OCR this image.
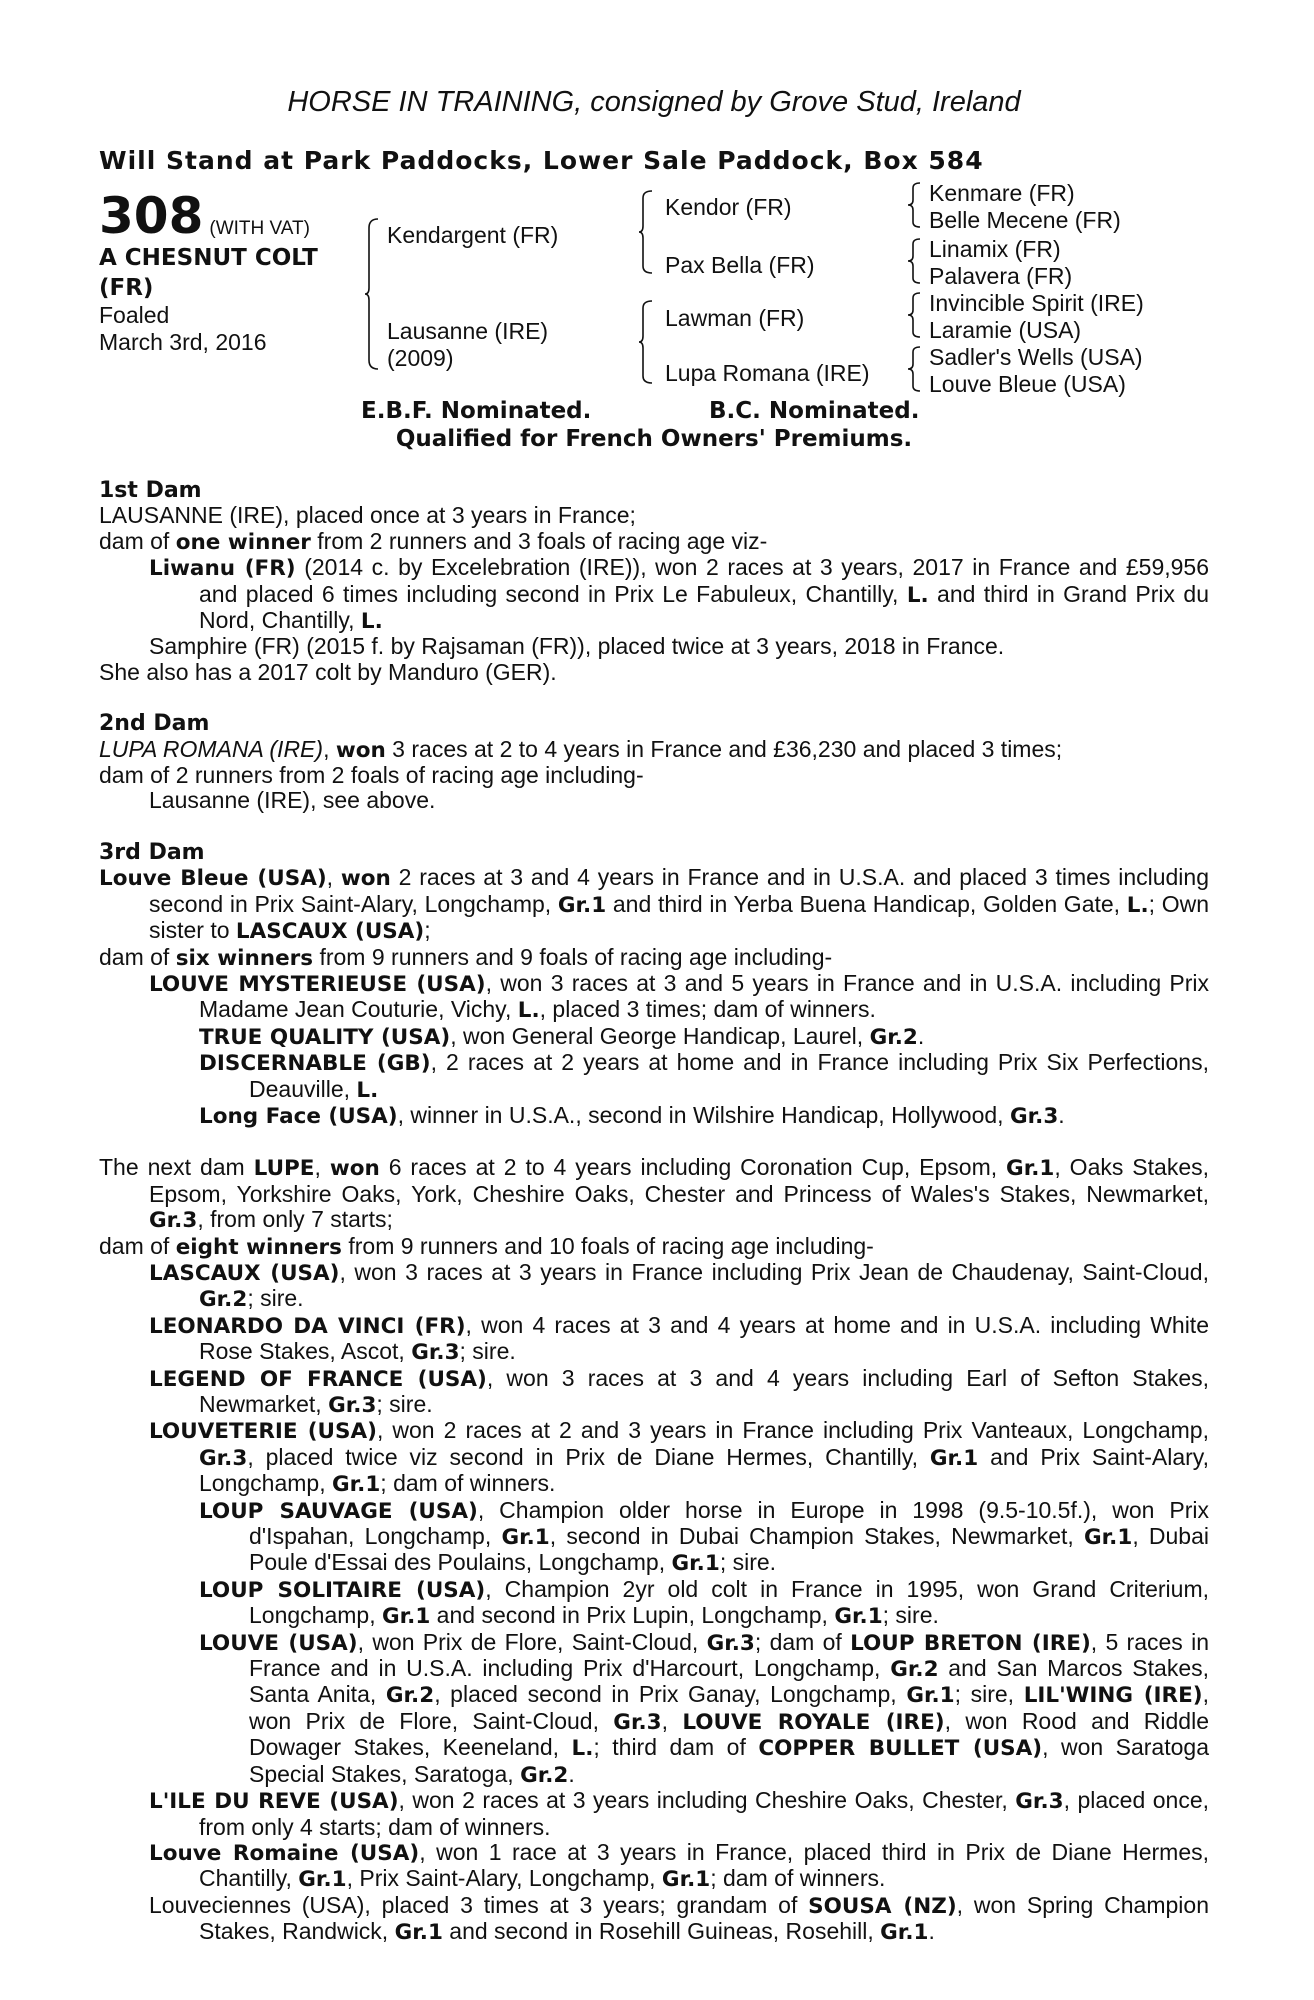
HORSE IN TRAINING, consigned by Grove Stud, Ireland
Will Stand at Park Paddocks, Lower Sale Paddock, Box 584
308 (WITH VAT)
A CHESNUT COLT
(FR)
Foaled
March 3rd, 2016
Kendargent (FR)
Lausanne (IRE)
(2009)
Kendor (FR)
Pax Bella (FR)
Lawman (FR)
Lupa Romana (IRE)
Kenmare (FR)
Belle Mecene (FR)
Linamix (FR)
Palavera (FR)
Invincible Spirit (IRE)
Laramie (USA)
Sadler's Wells (USA)
Louve Bleue (USA)
E.B.F. Nominated.	B.C. Nominated.
Qualified for French Owners' Premiums.
1st Dam
LAUSANNE (IRE), placed once at 3 years in France;
dam of one winner from 2 runners and 3 foals of racing age viz-
Liwanu (FR) (2014 c. by Excelebration (IRE)), won 2 races at 3 years, 2017 in France and £59,956 and placed 6 times including second in Prix Le Fabuleux, Chantilly, L. and third in Grand Prix du Nord, Chantilly, L.
Samphire (FR) (2015 f. by Rajsaman (FR)), placed twice at 3 years, 2018 in France.
She also has a 2017 colt by Manduro (GER).
2nd Dam
LUPA ROMANA (IRE), won 3 races at 2 to 4 years in France and £36,230 and placed 3 times;
dam of 2 runners from 2 foals of racing age including-
Lausanne (IRE), see above.
3rd Dam
Louve Bleue (USA), won 2 races at 3 and 4 years in France and in U.S.A. and placed 3 times including second in Prix Saint-Alary, Longchamp, Gr.1 and third in Yerba Buena Handicap, Golden Gate, L.; Own sister to LASCAUX (USA);
dam of six winners from 9 runners and 9 foals of racing age including-
LOUVE MYSTERIEUSE (USA), won 3 races at 3 and 5 years in France and in U.S.A. including Prix Madame Jean Couturie, Vichy, L., placed 3 times; dam of winners.
TRUE QUALITY (USA), won General George Handicap, Laurel, Gr.2.
DISCERNABLE (GB), 2 races at 2 years at home and in France including Prix Six Perfections, Deauville, L.
Long Face (USA), winner in U.S.A., second in Wilshire Handicap, Hollywood, Gr.3.
The next dam LUPE, won 6 races at 2 to 4 years including Coronation Cup, Epsom, Gr.1, Oaks Stakes, Epsom, Yorkshire Oaks, York, Cheshire Oaks, Chester and Princess of Wales's Stakes, Newmarket, Gr.3, from only 7 starts;
dam of eight winners from 9 runners and 10 foals of racing age including-
LASCAUX (USA), won 3 races at 3 years in France including Prix Jean de Chaudenay, Saint-Cloud, Gr.2; sire.
LEONARDO DA VINCI (FR), won 4 races at 3 and 4 years at home and in U.S.A. including White Rose Stakes, Ascot, Gr.3; sire.
LEGEND OF FRANCE (USA), won 3 races at 3 and 4 years including Earl of Sefton Stakes, Newmarket, Gr.3; sire.
LOUVETERIE (USA), won 2 races at 2 and 3 years in France including Prix Vanteaux, Longchamp, Gr.3, placed twice viz second in Prix de Diane Hermes, Chantilly, Gr.1 and Prix Saint-Alary, Longchamp, Gr.1; dam of winners.
LOUP SAUVAGE (USA), Champion older horse in Europe in 1998 (9.5-10.5f.), won Prix d'Ispahan, Longchamp, Gr.1, second in Dubai Champion Stakes, Newmarket, Gr.1, Dubai Poule d'Essai des Poulains, Longchamp, Gr.1; sire.
LOUP SOLITAIRE (USA), Champion 2yr old colt in France in 1995, won Grand Criterium, Longchamp, Gr.1 and second in Prix Lupin, Longchamp, Gr.1; sire.
LOUVE (USA), won Prix de Flore, Saint-Cloud, Gr.3; dam of LOUP BRETON (IRE), 5 races in France and in U.S.A. including Prix d'Harcourt, Longchamp, Gr.2 and San Marcos Stakes, Santa Anita, Gr.2, placed second in Prix Ganay, Longchamp, Gr.1; sire, LIL'WING (IRE), won Prix de Flore, Saint-Cloud, Gr.3, LOUVE ROYALE (IRE), won Rood and Riddle Dowager Stakes, Keeneland, L.; third dam of COPPER BULLET (USA), won Saratoga Special Stakes, Saratoga, Gr.2.
L'ILE DU REVE (USA), won 2 races at 3 years including Cheshire Oaks, Chester, Gr.3, placed once, from only 4 starts; dam of winners.
Louve Romaine (USA), won 1 race at 3 years in France, placed third in Prix de Diane Hermes, Chantilly, Gr.1, Prix Saint-Alary, Longchamp, Gr.1; dam of winners.
Louveciennes (USA), placed 3 times at 3 years; grandam of SOUSA (NZ), won Spring Champion Stakes, Randwick, Gr.1 and second in Rosehill Guineas, Rosehill, Gr.1.
